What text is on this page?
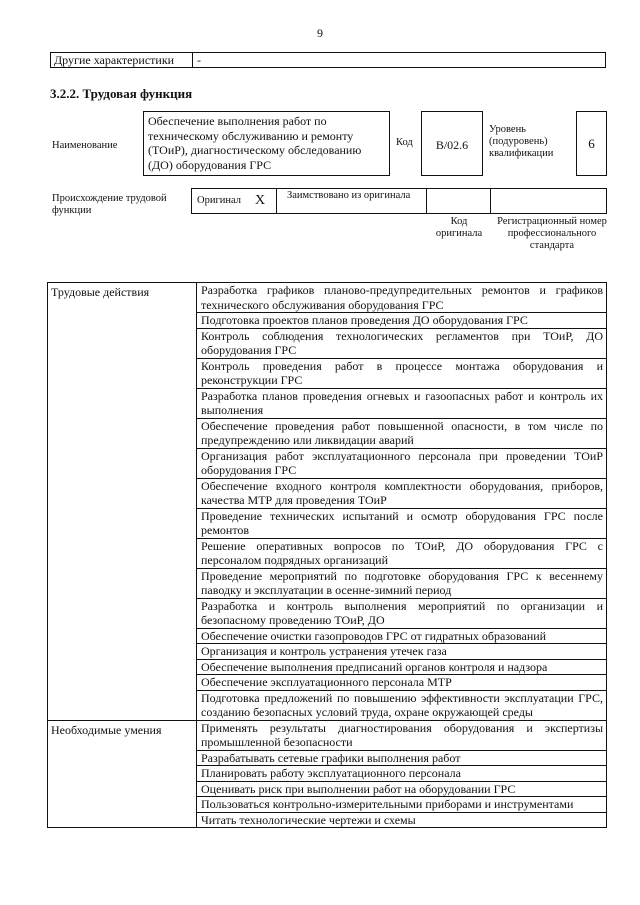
9
Другие характеристики	-
3.2.2. Трудовая функция
Наименование
Обеспечение выполнения работ по техническому обслуживанию и ремонту (ТОиР), диагностическому обследованию (ДО) оборудования ГРС
Код	В/02.6
Уровень (подуровень) квалификации
6
Происхождение трудовой функции
Оригинал X	Заимствовано из оригинала
Код оригинала
Регистрационный номер профессионального стандарта
Трудовые действия	Разработка графиков планово-предупредительных ремонтов и графиков технического обслуживания оборудования ГРС
	Подготовка проектов планов проведения ДО оборудования ГРС
	Контроль соблюдения технологических регламентов при ТОиР, ДО оборудования ГРС
	Контроль проведения работ в процессе монтажа оборудования и реконструкции ГРС
	Разработка планов проведения огневых и газоопасных работ и контроль их выполнения
	Обеспечение проведения работ повышенной опасности, в том числе по предупреждению или ликвидации аварий
	Организация работ эксплуатационного персонала при проведении ТОиР оборудования ГРС
	Обеспечение входного контроля комплектности оборудования, приборов, качества МТР для проведения ТОиР
	Проведение технических испытаний и осмотр оборудования ГРС после ремонтов
	Решение оперативных вопросов по ТОиР, ДО оборудования ГРС с персоналом подрядных организаций
	Проведение мероприятий по подготовке оборудования ГРС к весеннему паводку и эксплуатации в осенне-зимний период
	Разработка и контроль выполнения мероприятий по организации и безопасному проведению ТОиР, ДО
	Обеспечение очистки газопроводов ГРС от гидратных образований
	Организация и контроль устранения утечек газа
	Обеспечение выполнения предписаний органов контроля и надзора
	Обеспечение эксплуатационного персонала МТР
	Подготовка предложений по повышению эффективности эксплуатации ГРС, созданию безопасных условий труда, охране окружающей среды
Необходимые умения	Применять результаты диагностирования оборудования и экспертизы промышленной безопасности
	Разрабатывать сетевые графики выполнения работ
	Планировать работу эксплуатационного персонала
	Оценивать риск при выполнении работ на оборудовании ГРС
	Пользоваться контрольно-измерительными приборами и инструментами
	Читать технологические чертежи и схемы
